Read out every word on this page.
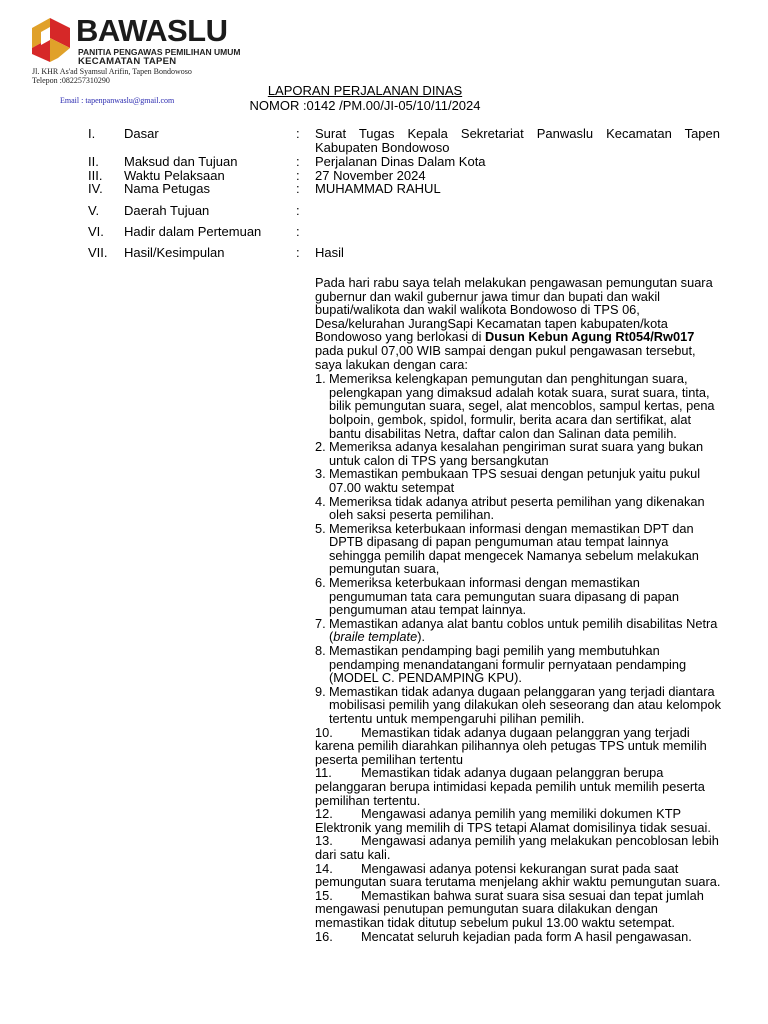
BAWASLU
PANITIA PENGAWAS PEMILIHAN UMUM
KECAMATAN TAPEN
Jl. KHR As'ad Syamsul Arifin, Tapen Bondowoso
Telepon :082257310290
Email : tapenpanwaslu@gmail.com
LAPORAN PERJALANAN DINAS
NOMOR :0142 /PM.00/JI-05/10/11/2024
I. Dasar	: Surat Tugas Kepala Sekretariat Panwaslu Kecamatan Tapen Kabupaten Bondowoso
II. Maksud dan Tujuan	: Perjalanan Dinas Dalam Kota
III. Waktu Pelaksaan	: 27 November 2024
IV. Nama Petugas	: MUHAMMAD RAHUL
V. Daerah Tujuan	:
VI. Hadir dalam Pertemuan	:
VII. Hasil/Kesimpulan	: Hasil

Pada hari rabu saya telah melakukan pengawasan pemungutan suara gubernur dan wakil gubernur jawa timur dan bupati dan wakil bupati/walikota dan wakil walikota Bondowoso di TPS 06, Desa/kelurahan JurangSapi Kecamatan tapen kabupaten/kota Bondowoso yang berlokasi di Dusun Kebun Agung Rt054/Rw017 pada pukul 07,00 WIB sampai dengan pukul pengawasan tersebut, saya lakukan dengan cara:

1. Memeriksa kelengkapan pemungutan dan penghitungan suara, pelengkapan yang dimaksud adalah kotak suara, surat suara, tinta, bilik pemungutan suara, segel, alat mencoblos, sampul kertas, pena bolpoin, gembok, spidol, formulir, berita acara dan sertifikat, alat bantu disabilitas Netra, daftar calon dan Salinan data pemilih.
2. Memeriksa adanya kesalahan pengiriman surat suara yang bukan untuk calon di TPS yang bersangkutan
3. Memastikan pembukaan TPS sesuai dengan petunjuk yaitu pukul 07.00 waktu setempat
4. Memeriksa tidak adanya atribut peserta pemilihan yang dikenakan oleh saksi peserta pemilihan.
5. Memeriksa keterbukaan informasi dengan memastikan DPT dan DPTB dipasang di papan pengumuman atau tempat lainnya sehingga pemilih dapat mengecek Namanya sebelum melakukan pemungutan suara,
6. Memeriksa keterbukaan informasi dengan memastikan pengumuman tata cara pemungutan suara dipasang di papan pengumuman atau tempat lainnya.
7. Memastikan adanya alat bantu coblos untuk pemilih disabilitas Netra (braile template).
8. Memastikan pendamping bagi pemilih yang membutuhkan pendamping menandatangani formulir pernyataan pendamping (MODEL C. PENDAMPING KPU).
9. Memastikan tidak adanya dugaan pelanggaran yang terjadi diantara mobilisasi pemilih yang dilakukan oleh seseorang dan atau kelompok tertentu untuk mempengaruhi pilihan pemilih.
10. Memastikan tidak adanya dugaan pelanggran yang terjadi karena pemilih diarahkan pilihannya oleh petugas TPS untuk memilih peserta pemilihan tertentu
11. Memastikan tidak adanya dugaan pelanggran berupa pelanggaran berupa intimidasi kepada pemilih untuk memilih peserta pemilihan tertentu.
12. Mengawasi adanya pemilih yang memiliki dokumen KTP Elektronik yang memilih di TPS tetapi Alamat domisilinya tidak sesuai.
13. Mengawasi adanya pemilih yang melakukan pencoblosan lebih dari satu kali.
14. Mengawasi adanya potensi kekurangan surat pada saat pemungutan suara terutama menjelang akhir waktu pemungutan suara.
15. Memastikan bahwa surat suara sisa sesuai dan tepat jumlah mengawasi penutupan pemungutan suara dilakukan dengan memastikan tidak ditutup sebelum pukul 13.00 waktu setempat.
16. Mencatat seluruh kejadian pada form A hasil pengawasan.
